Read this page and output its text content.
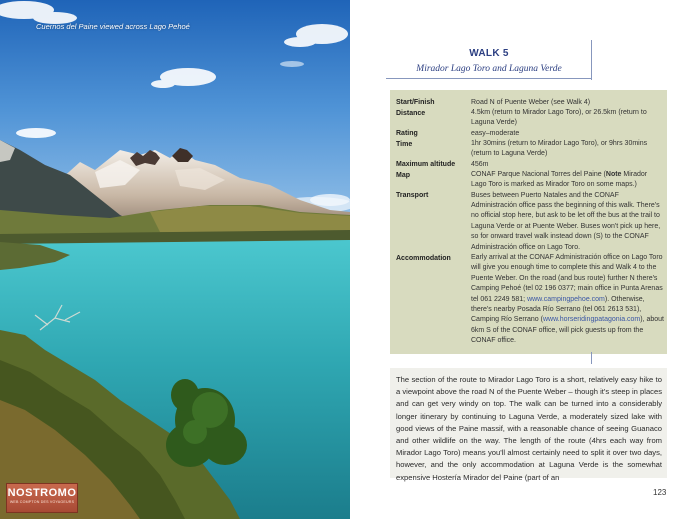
Cuernos del Paine viewed across Lago Pehoé
NOSTROMO
WEB COMPTON DES VOYAGEURS
WALK 5
Mirador Lago Toro and Laguna Verde
Start/Finish	Road N of Puente Weber (see Walk 4)
Distance	4.5km (return to Mirador Lago Toro), or 26.5km (return to Laguna Verde)
Rating	easy–moderate
Time	1hr 30mins (return to Mirador Lago Toro), or 9hrs 30mins (return to Laguna Verde)
Maximum altitude 456m
Map	CONAF Parque Nacional Torres del Paine (Note Mirador Lago Toro is marked as Mirador Toro on some maps.)
Transport	Buses between Puerto Natales and the CONAF Administración office pass the beginning of this walk. There's no official stop here, but ask to be let off the bus at the trail to Laguna Verde or at Puente Weber. Buses won't pick up here, so for onward travel walk instead down (S) to the CONAF Administración office on Lago Toro.
Accommodation	Early arrival at the CONAF Administración office on Lago Toro will give you enough time to complete this and Walk 4 to the Puente Weber. On the road (and bus route) further N there's Camping Pehoé (tel 02 196 0377; main office in Punta Arenas tel 061 2249 581; www.campingpehoe.com). Otherwise, there's nearby Posada Río Serrano (tel 061 2613 531), Camping Río Serrano (www.horseridingpatagonia.com), about 6km S of the CONAF office, will pick guests up from the CONAF office.
The section of the route to Mirador Lago Toro is a short, relatively easy hike to a viewpoint above the road N of the Puente Weber – though it's steep in places and can get very windy on top. The walk can be turned into a considerably longer itinerary by continuing to Laguna Verde, a moderately sized lake with good views of the Paine massif, with a reasonable chance of seeing Guanaco and other wildlife on the way. The length of the route (4hrs each way from Mirador Lago Toro) means you'll almost certainly need to split it over two days, however, and the only accommodation at Laguna Verde is the somewhat expensive Hostería Mirador del Paine (part of an
123
